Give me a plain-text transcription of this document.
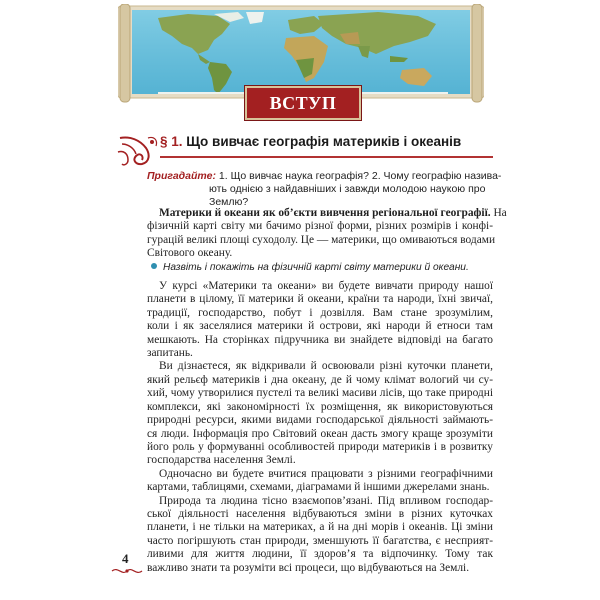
ВСТУП
§ 1. Що вивчає географія материків і океанів
Пригадайте: 1. Що вивчає наука географія? 2. Чому географію назива-
ють однією з найдавніших і завжди молодою наукою про
Землю?

Материки й океани як об’єкти вивчення регіональної географії. На
фізичній карті світу ми бачимо різної форми, різних розмірів і конфі-
гурацій великі площі суходолу. Це — материки, що омиваються водами
Світового океану.

Назвіть і покажіть на фізичній карті світу материки й океани.

У курсі «Материки та океани» ви будете вивчати природу нашої
планети в цілому, її материки й океани, країни та народи, їхні звичаї,
традиції, господарство, побут і дозвілля. Вам стане зрозумілим,
коли і як заселялися материки й острови, які народи й етноси там
мешкають. На сторінках підручника ви знайдете відповіді на багато
запитань.

Ви дізнаєтеся, як відкривали й освоювали різні куточки планети,
який рельєф материків і дна океану, де й чому клімат вологий чи су-
хий, чому утворилися пустелі та великі масиви лісів, що таке природні
комплекси, які закономірності їх розміщення, як використовуються
природні ресурси, якими видами господарської діяльності займають-
ся люди. Інформація про Світовий океан дасть змогу краще зрозуміти
його роль у формуванні особливостей природи материків і в розвитку
господарства населення Землі.

Одночасно ви будете вчитися працювати з різними географічними
картами, таблицями, схемами, діаграмами й іншими джерелами знань.

Природа та людина тісно взаємопов’язані. Під впливом господар-
ської діяльності населення відбуваються зміни в різних куточках
планети, і не тільки на материках, а й на дні морів і океанів. Ці зміни
часто погіршують стан природи, зменшують її багатства, є несприят-
ливими для життя людини, її здоров’я та відпочинку. Тому так
важливо знати та розуміти всі процеси, що відбуваються на Землі.

4
